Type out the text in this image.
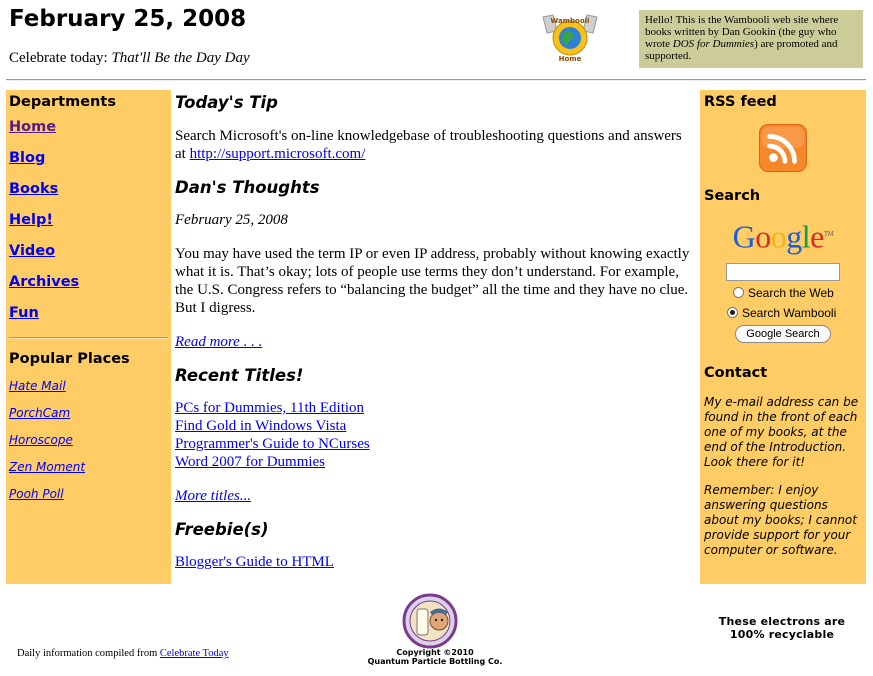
February 25, 2008
Celebrate today: That'll Be the Day Day
Wambooli
Home
Hello! This is the Wambooli web site where books written by Dan Gookin (the guy who wrote DOS for Dummies) are promoted and supported.
Departments
Home
Blog
Books
Help!
Video
Archives
Fun
Popular Places
Hate Mail
PorchCam
Horoscope
Zen Moment
Pooh Poll
Today's Tip

Search Microsoft's on-line knowledgebase of troubleshooting questions and answers at http://support.microsoft.com/

Dan's Thoughts

February 25, 2008

You may have used the term IP or even IP address, probably without knowing exactly what it is. That’s okay; lots of people use terms they don’t understand. For example, the U.S. Congress refers to “balancing the budget” all the time and they have no clue. But I digress.

Read more . . .

Recent Titles!
PCs for Dummies, 11th Edition
Find Gold in Windows Vista
Programmer's Guide to NCurses
Word 2007 for Dummies

More titles...

Freebie(s)

Blogger's Guide to HTML

RSS feed
Search
Google™
Search the Web
Search Wambooli
Google Search
Contact

My e-mail address can be found in the front of each one of my books, at the end of the Introduction. Look there for it!

Remember: I enjoy answering questions about my books; I cannot provide support for your computer or software.

Daily information compiled from Celebrate Today	Copyright ©2010
Quantum Particle Bottling Co.
These electrons are
100% recyclable
